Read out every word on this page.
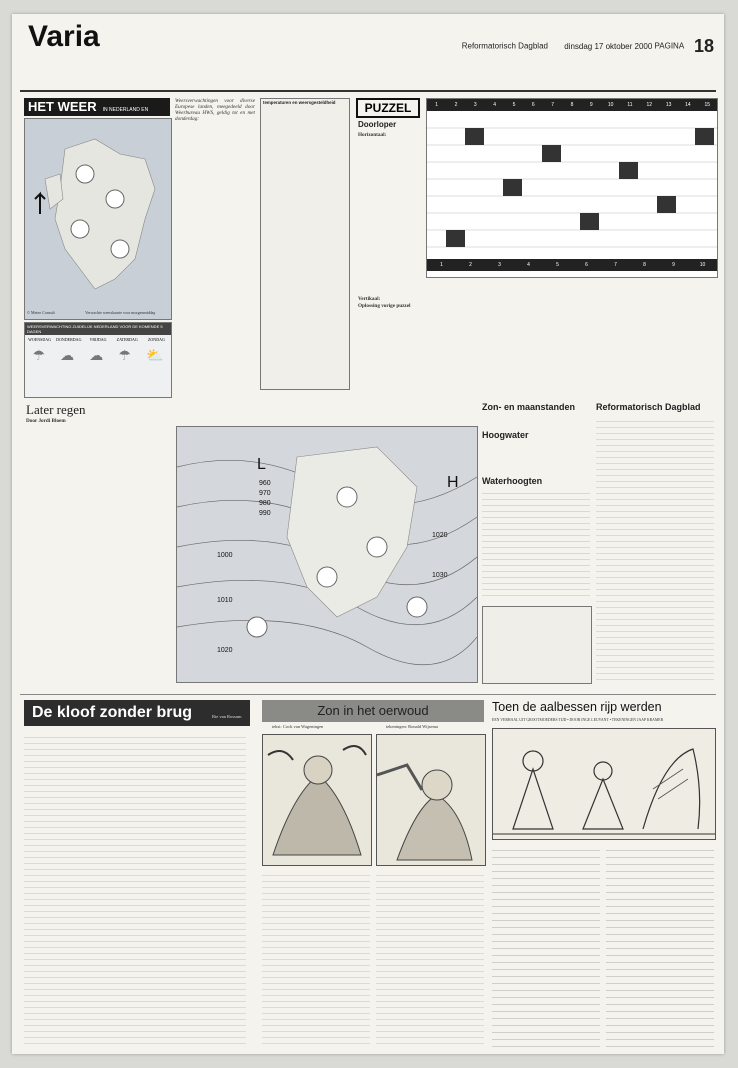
Varia	Reformatorisch Dagblad dinsdag 17 oktober 2000 PAGINA 18
HET WEER IN NEDERLAND EN
© Meteo Consult	Verwachte weerskaarte voor morgenmiddag
WEERSVERWACHTING ZUIDELIJK NEDERLAND VOOR DE KOMENDE 5 DAGEN
WOENSDAG	DONDERDAG	VRIJDAG	ZATERDAG	ZONDAG
☂ ☁ ☁ ☂ ⛅

Weersverwachtingen voor diverse Europese landen, meegedeeld door Weerbureau HWS, geldig tot en met donderdag:

Later regen
Door Jordi Bloem
L
960
970
980
990
1000
1010
1020
H
1020
1030
temperaturen en weersgesteldheid	PUZZEL
Doorloper

Horizontaal:

Vertikaal:

Oplossing vorige puzzel

1	2	3	4	5	6	7	8	9	10	11	12	13	14	15
1	2	3	4	5	6	7	8	9	10
Zon- en maanstanden
Hoogwater
Waterhoogten
Reformatorisch Dagblad
De kloof zonder brug	Rie van Rossum	Zon in het oerwoud
tekst: Cock van Wageningen	tekeningen: Ronald Wijsema
Toen de aalbessen rijp werden
EEN VERHAAL UIT GROOTMOEDERS TIJD • DOOR INGE LEUVANT • TEKENINGEN JAAP KRAMER
